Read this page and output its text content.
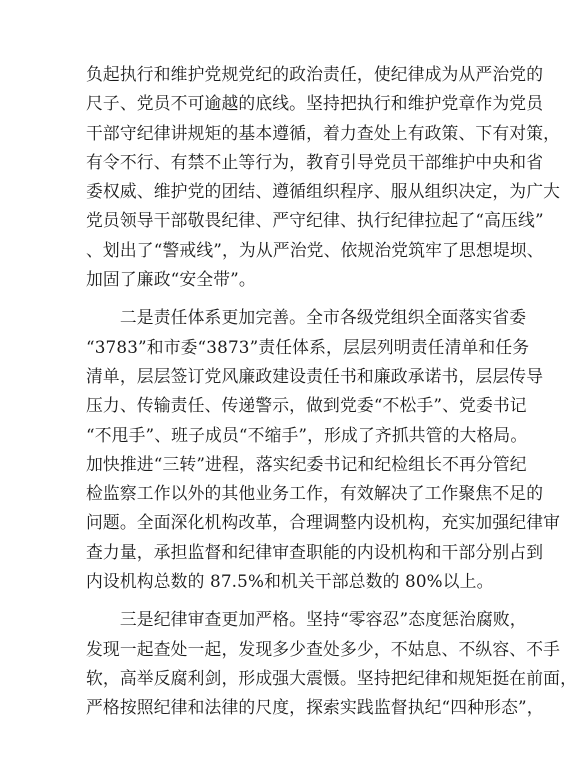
负起执行和维护党规党纪的政治责任，使纪律成为从严治党的
尺子、党员不可逾越的底线。坚持把执行和维护党章作为党员
干部守纪律讲规矩的基本遵循，着力查处上有政策、下有对策，
有令不行、有禁不止等行为，教育引导党员干部维护中央和省
委权威、维护党的团结、遵循组织程序、服从组织决定，为广大
党员领导干部敬畏纪律、严守纪律、执行纪律拉起了“高压线”
、划出了“警戒线”，为从严治党、依规治党筑牢了思想堤坝、
加固了廉政“安全带”。
　　二是责任体系更加完善。全市各级党组织全面落实省委
“3783”和市委“3873”责任体系，层层列明责任清单和任务
清单，层层签订党风廉政建设责任书和廉政承诺书，层层传导
压力、传输责任、传递警示，做到党委“不松手”、党委书记
“不甩手”、班子成员“不缩手”，形成了齐抓共管的大格局。
加快推进“三转”进程，落实纪委书记和纪检组长不再分管纪
检监察工作以外的其他业务工作，有效解决了工作聚焦不足的
问题。全面深化机构改革，合理调整内设机构，充实加强纪律审
查力量，承担监督和纪律审查职能的内设机构和干部分别占到
内设机构总数的 87.5%和机关干部总数的 80%以上。
　　三是纪律审查更加严格。坚持“零容忍”态度惩治腐败，
发现一起查处一起，发现多少查处多少，不姑息、不纵容、不手
软，高举反腐利剑，形成强大震慑。坚持把纪律和规矩挺在前面，
严格按照纪律和法律的尺度，探索实践监督执纪“四种形态”，
